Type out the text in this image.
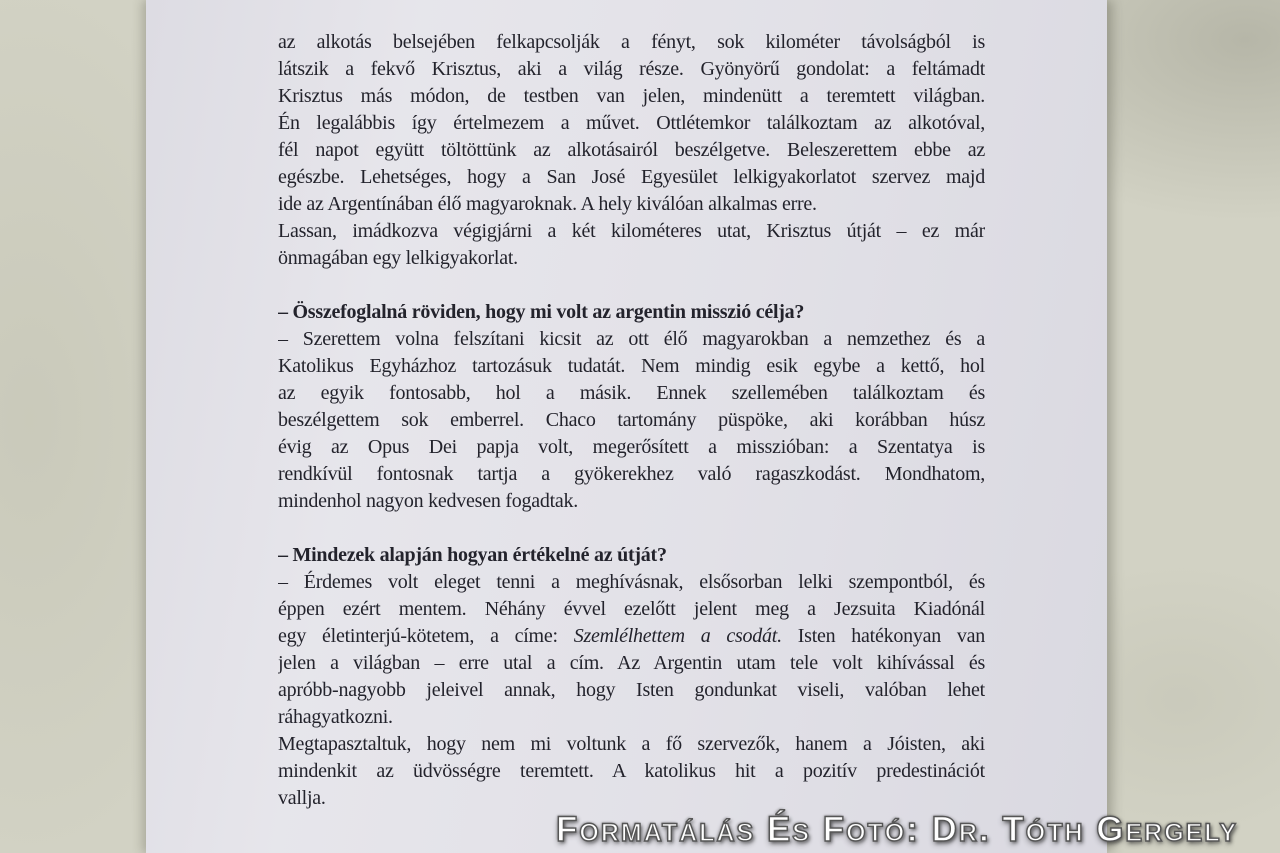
az alkotás belsejében felkapcsolják a fényt, sok kilométer távolságból is
látszik a fekvő Krisztus, aki a világ része. Gyönyörű gondolat: a feltámadt
Krisztus más módon, de testben van jelen, mindenütt a teremtett világban.
Én legalábbis így értelmezem a művet. Ottlétemkor találkoztam az alkotóval,
fél napot együtt töltöttünk az alkotásairól beszélgetve. Beleszerettem ebbe az
egészbe. Lehetséges, hogy a San José Egyesület lelkigyakorlatot szervez majd
ide az Argentínában élő magyaroknak. A hely kiválóan alkalmas erre.
Lassan, imádkozva végigjárni a két kilométeres utat, Krisztus útját – ez már
önmagában egy lelkigyakorlat.
– Összefoglalná röviden, hogy mi volt az argentin misszió célja?
– Szerettem volna felszítani kicsit az ott élő magyarokban a nemzethez és a
Katolikus Egyházhoz tartozásuk tudatát. Nem mindig esik egybe a kettő, hol
az egyik fontosabb, hol a másik. Ennek szellemében találkoztam és
beszélgettem sok emberrel. Chaco tartomány püspöke, aki korábban húsz
évig az Opus Dei papja volt, megerősített a misszióban: a Szentatya is
rendkívül fontosnak tartja a gyökerekhez való ragaszkodást. Mondhatom,
mindenhol nagyon kedvesen fogadtak.
– Mindezek alapján hogyan értékelné az útját?
– Érdemes volt eleget tenni a meghívásnak, elsősorban lelki szempontból, és
éppen ezért mentem. Néhány évvel ezelőtt jelent meg a Jezsuita Kiadónál
egy életinterjú-kötetem, a címe: Szemlélhettem a csodát. Isten hatékonyan van
jelen a világban – erre utal a cím. Az Argentin utam tele volt kihívással és
apróbb-nagyobb jeleivel annak, hogy Isten gondunkat viseli, valóban lehet
ráhagyatkozni.
Megtapasztaltuk, hogy nem mi voltunk a fő szervezők, hanem a Jóisten, aki
mindenkit az üdvösségre teremtett. A katolikus hit a pozitív predestinációt
vallja.
Formatálás És Fotó: Dr. Tóth Gergely
